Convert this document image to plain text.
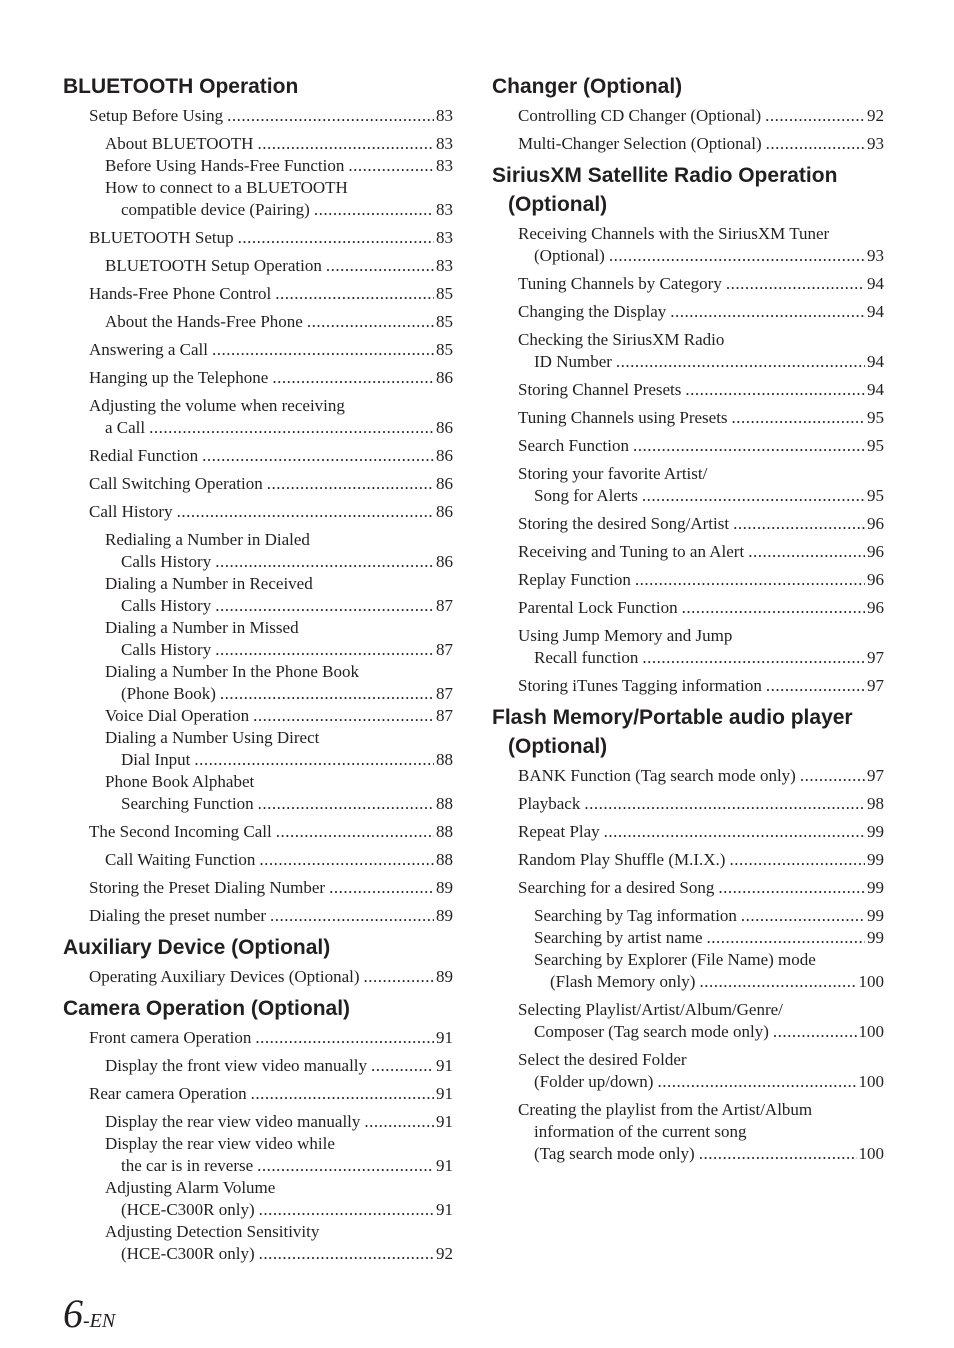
BLUETOOTH Operation
Setup Before Using .....	83
About BLUETOOTH .....	83
Before Using Hands-Free Function .....	83
How to connect to a BLUETOOTH
compatible device (Pairing) .....	83
BLUETOOTH Setup .....	83
BLUETOOTH Setup Operation .....	83
Hands-Free Phone Control .....	85
About the Hands-Free Phone .....	85
Answering a Call .....	85
Hanging up the Telephone .....	86
Adjusting the volume when receiving
a Call .....	86
Redial Function .....	86
Call Switching Operation .....	86
Call History .....	86
Redialing a Number in Dialed
Calls History .....	86
Dialing a Number in Received
Calls History .....	87
Dialing a Number in Missed
Calls History .....	87
Dialing a Number In the Phone Book
(Phone Book) .....	87
Voice Dial Operation .....	87
Dialing a Number Using Direct
Dial Input .....	88
Phone Book Alphabet
Searching Function .....	88
The Second Incoming Call .....	88
Call Waiting Function .....	88
Storing the Preset Dialing Number .....	89
Dialing the preset number .....	89
Auxiliary Device (Optional)
Operating Auxiliary Devices (Optional) .....	89
Camera Operation (Optional)
Front camera Operation .....	91
Display the front view video manually .....	91
Rear camera Operation .....	91
Display the rear view video manually .....	91
Display the rear view video while
the car is in reverse .....	91
Adjusting Alarm Volume
(HCE-C300R only) .....	91
Adjusting Detection Sensitivity
(HCE-C300R only) .....	92
Changer (Optional)
Controlling CD Changer (Optional) .....	92
Multi-Changer Selection (Optional) .....	93
SiriusXM Satellite Radio Operation (Optional)
Receiving Channels with the SiriusXM Tuner
(Optional) .....	93
Tuning Channels by Category .....	94
Changing the Display .....	94
Checking the SiriusXM Radio
ID Number .....	94
Storing Channel Presets .....	94
Tuning Channels using Presets .....	95
Search Function .....	95
Storing your favorite Artist/
Song for Alerts .....	95
Storing the desired Song/Artist .....	96
Receiving and Tuning to an Alert .....	96
Replay Function .....	96
Parental Lock Function .....	96
Using Jump Memory and Jump
Recall function .....	97
Storing iTunes Tagging information .....	97
Flash Memory/Portable audio player (Optional)
BANK Function (Tag search mode only) .....	97
Playback .....	98
Repeat Play .....	99
Random Play Shuffle (M.I.X.) .....	99
Searching for a desired Song .....	99
Searching by Tag information .....	99
Searching by artist name .....	99
Searching by Explorer (File Name) mode
(Flash Memory only) .....	100
Selecting Playlist/Artist/Album/Genre/
Composer (Tag search mode only) .....	100
Select the desired Folder
(Folder up/down) .....	100
Creating the playlist from the Artist/Album
information of the current song
(Tag search mode only) .....	100
6-EN
